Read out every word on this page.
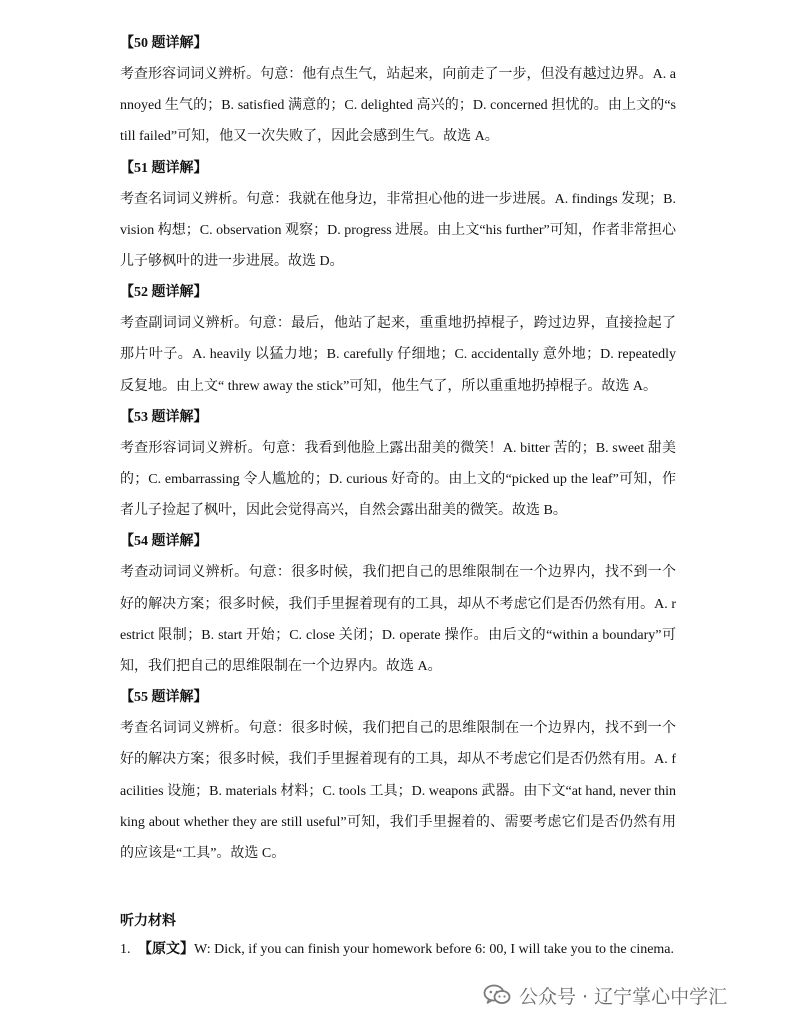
【50 题详解】
考查形容词词义辨析。句意：他有点生气，站起来，向前走了一步，但没有越过边界。A. annoyed 生气的；B. satisfied 满意的；C. delighted 高兴的；D. concerned 担忧的。由上文的“still failed”可知，他又一次失败了，因此会感到生气。故选 A。
【51 题详解】
考查名词词义辨析。句意：我就在他身边，非常担心他的进一步进展。A. findings 发现；B. vision 构想；C. observation 观察；D. progress 进展。由上文“his further”可知，作者非常担心儿子够枫叶的进一步进展。故选 D。
【52 题详解】
考查副词词义辨析。句意：最后，他站了起来，重重地扔掉棍子，跨过边界，直接捡起了那片叶子。A. heavily 以猛力地；B. carefully 仔细地；C. accidentally 意外地；D. repeatedly 反复地。由上文“ threw away the stick”可知，他生气了，所以重重地扔掉棍子。故选 A。
【53 题详解】
考查形容词词义辨析。句意：我看到他脸上露出甜美的微笑！A. bitter 苦的；B. sweet 甜美的；C. embarrassing 令人尴尬的；D. curious 好奇的。由上文的“picked up the leaf”可知，作者儿子捡起了枫叶，因此会觉得高兴，自然会露出甜美的微笑。故选 B。
【54 题详解】
考查动词词义辨析。句意：很多时候，我们把自己的思维限制在一个边界内，找不到一个好的解决方案；很多时候，我们手里握着现有的工具，却从不考虑它们是否仍然有用。A. restrict 限制；B. start 开始；C. close 关闭；D. operate 操作。由后文的“within a boundary”可知，我们把自己的思维限制在一个边界内。故选 A。
【55 题详解】
考查名词词义辨析。句意：很多时候，我们把自己的思维限制在一个边界内，找不到一个好的解决方案；很多时候，我们手里握着现有的工具，却从不考虑它们是否仍然有用。A. facilities 设施；B. materials 材料；C. tools 工具；D. weapons 武器。由下文“at hand, never thinking about whether they are still useful”可知，我们手里握着的、需要考虑它们是否仍然有用的应该是“工具”。故选 C。
听力材料
1. 【原文】W: Dick, if you can finish your homework before 6: 00, I will take you to the cinema.
公众号 · 辽宁掌心中学汇
